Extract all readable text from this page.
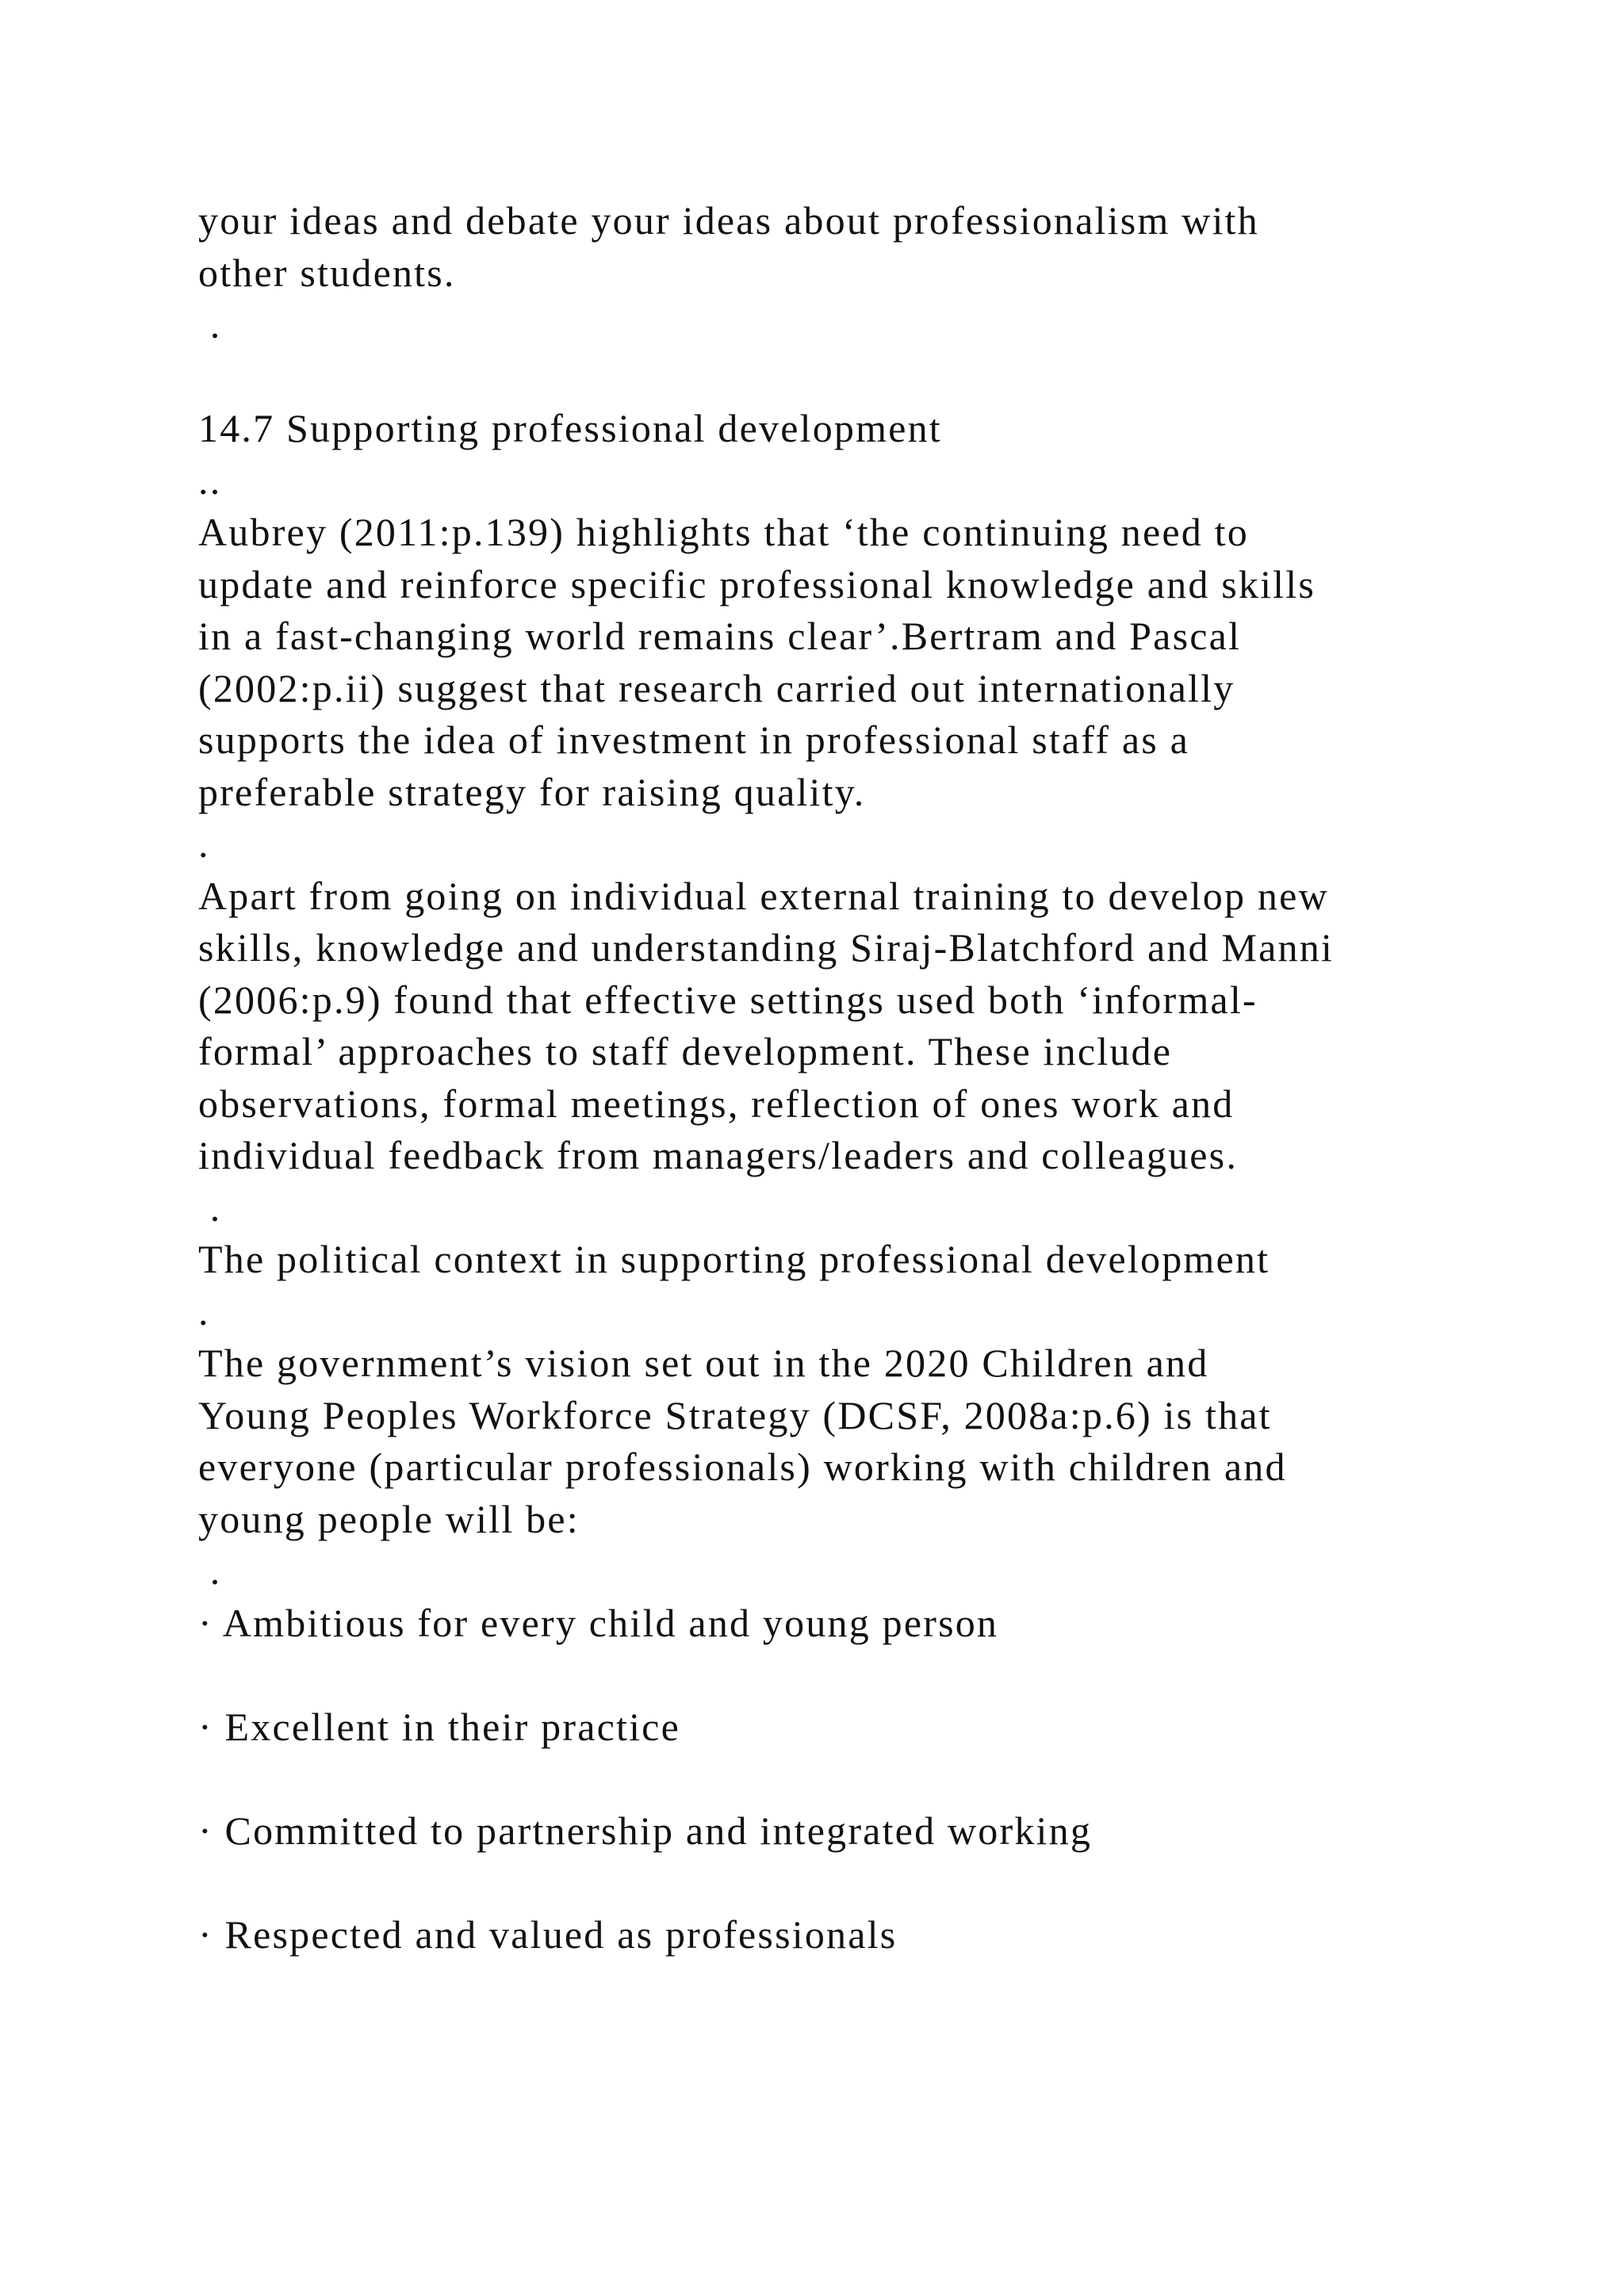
your ideas and debate your ideas about professionalism with
other students.
.
14.7 Supporting professional development
..
Aubrey (2011:p.139) highlights that ‘the continuing need to
update and reinforce specific professional knowledge and skills
in a fast-changing world remains clear’.Bertram and Pascal
(2002:p.ii) suggest that research carried out internationally
supports the idea of investment in professional staff as a
preferable strategy for raising quality.
.
Apart from going on individual external training to develop new
skills, knowledge and understanding Siraj-Blatchford and Manni
(2006:p.9) found that effective settings used both ‘informal-
formal’ approaches to staff development. These include
observations, formal meetings, reflection of ones work and
individual feedback from managers/leaders and colleagues.
.
The political context in supporting professional development
.
The government’s vision set out in the 2020 Children and
Young Peoples Workforce Strategy (DCSF, 2008a:p.6) is that
everyone (particular professionals) working with children and
young people will be:
.
· Ambitious for every child and young person
· Excellent in their practice
· Committed to partnership and integrated working
· Respected and valued as professionals
